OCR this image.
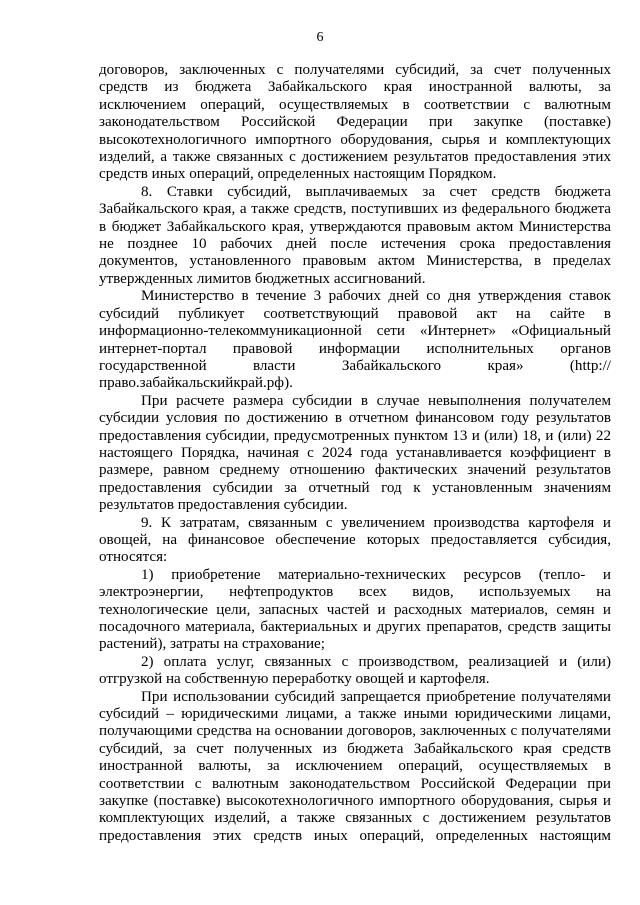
6

договоров, заключенных с получателями субсидий, за счет полученных средств из бюджета Забайкальского края иностранной валюты, за исключением операций, осуществляемых в соответствии с валютным законодательством Российской Федерации при закупке (поставке) высокотехнологичного импортного оборудования, сырья и комплектующих изделий, а также связанных с достижением результатов предоставления этих средств иных операций, определенных настоящим Порядком.

8. Ставки субсидий, выплачиваемых за счет средств бюджета Забайкальского края, а также средств, поступивших из федерального бюджета в бюджет Забайкальского края, утверждаются правовым актом Министерства не позднее 10 рабочих дней после истечения срока предоставления документов, установленного правовым актом Министерства, в пределах утвержденных лимитов бюджетных ассигнований.

Министерство в течение 3 рабочих дней со дня утверждения ставок субсидий публикует соответствующий правовой акт на сайте в информационно-телекоммуникационной сети «Интернет» «Официальный интернет-портал правовой информации исполнительных органов государственной власти Забайкальского края» (http://право.забайкальскийкрай.рф).

При расчете размера субсидии в случае невыполнения получателем субсидии условия по достижению в отчетном финансовом году результатов предоставления субсидии, предусмотренных пунктом 13 и (или) 18, и (или) 22 настоящего Порядка, начиная с 2024 года устанавливается коэффициент в размере, равном среднему отношению фактических значений результатов предоставления субсидии за отчетный год к установленным значениям результатов предоставления субсидии.

9. К затратам, связанным с увеличением производства картофеля и овощей, на финансовое обеспечение которых предоставляется субсидия, относятся:

1) приобретение материально-технических ресурсов (тепло- и электроэнергии, нефтепродуктов всех видов, используемых на технологические цели, запасных частей и расходных материалов, семян и посадочного материала, бактериальных и других препаратов, средств защиты растений), затраты на страхование;

2) оплата услуг, связанных с производством, реализацией и (или) отгрузкой на собственную переработку овощей и картофеля.

При использовании субсидий запрещается приобретение получателями субсидий – юридическими лицами, а также иными юридическими лицами, получающими средства на основании договоров, заключенных с получателями субсидий, за счет полученных из бюджета Забайкальского края средств иностранной валюты, за исключением операций, осуществляемых в соответствии с валютным законодательством Российской Федерации при закупке (поставке) высокотехнологичного импортного оборудования, сырья и комплектующих изделий, а также связанных с достижением результатов предоставления этих средств иных операций, определенных настоящим
